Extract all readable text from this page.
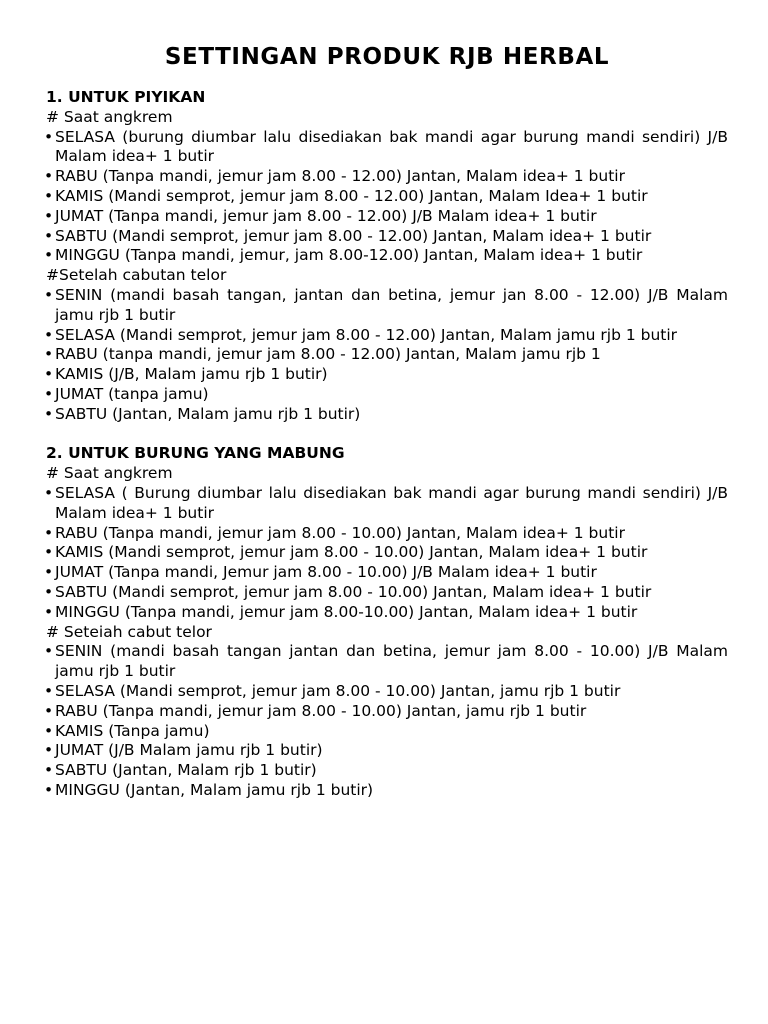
SETTINGAN PRODUK RJB HERBAL
1. UNTUK PIYIKAN
# Saat angkrem
• SELASA (burung diumbar lalu disediakan bak mandi agar burung mandi sendiri) J/B Malam idea+ 1 butir
• RABU (Tanpa mandi, jemur jam 8.00 - 12.00) Jantan, Malam idea+ 1 butir
• KAMIS (Mandi semprot, jemur jam 8.00 - 12.00) Jantan, Malam Idea+ 1 butir
• JUMAT (Tanpa mandi, jemur jam 8.00 - 12.00) J/B Malam idea+ 1 butir
• SABTU (Mandi semprot, jemur jam 8.00 - 12.00) Jantan, Malam idea+ 1 butir
• MINGGU (Tanpa mandi, jemur, jam 8.00-12.00) Jantan, Malam idea+ 1 butir
#Setelah cabutan telor
• SENIN (mandi basah tangan, jantan dan betina, jemur jan 8.00 - 12.00) J/B Malam jamu rjb 1 butir
• SELASA (Mandi semprot, jemur jam 8.00 - 12.00) Jantan, Malam jamu rjb 1 butir
• RABU (tanpa mandi, jemur jam 8.00 - 12.00) Jantan, Malam jamu rjb 1
• KAMIS (J/B, Malam jamu rjb 1 butir)
• JUMAT (tanpa jamu)
• SABTU (Jantan, Malam jamu rjb 1 butir)
2. UNTUK BURUNG YANG MABUNG
# Saat angkrem
• SELASA ( Burung diumbar lalu disediakan bak mandi agar burung mandi sendiri) J/B Malam idea+ 1 butir
• RABU (Tanpa mandi, jemur jam 8.00 - 10.00) Jantan, Malam idea+ 1 butir
• KAMIS (Mandi semprot, jemur jam 8.00 - 10.00) Jantan, Malam idea+ 1 butir
• JUMAT (Tanpa mandi, Jemur jam 8.00 - 10.00) J/B Malam idea+ 1 butir
• SABTU (Mandi semprot, jemur jam 8.00 - 10.00) Jantan, Malam idea+ 1 butir
• MINGGU (Tanpa mandi, jemur jam 8.00-10.00) Jantan, Malam idea+ 1 butir
# Seteiah cabut telor
• SENIN (mandi basah tangan jantan dan betina, jemur jam 8.00 - 10.00) J/B Malam jamu rjb 1 butir
• SELASA (Mandi semprot, jemur jam 8.00 - 10.00) Jantan, jamu rjb 1 butir
• RABU (Tanpa mandi, jemur jam 8.00 - 10.00) Jantan, jamu rjb 1 butir
• KAMIS (Tanpa jamu)
• JUMAT (J/B Malam jamu rjb 1 butir)
• SABTU (Jantan, Malam rjb 1 butir)
• MINGGU (Jantan, Malam jamu rjb 1 butir)
